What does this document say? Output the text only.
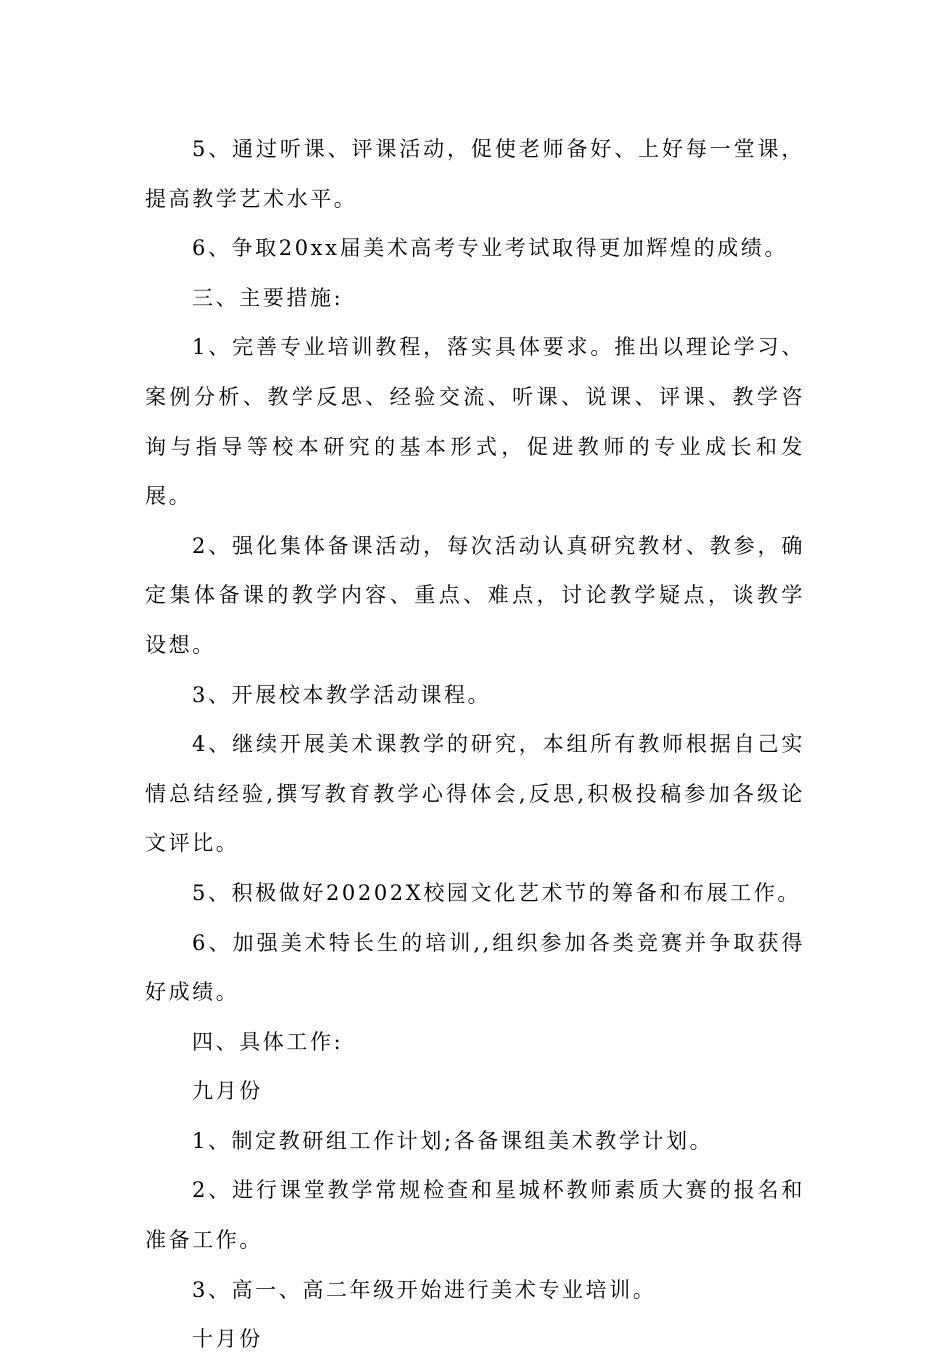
5、通过听课、评课活动，促使老师备好、上好每一堂课，提高教学艺术水平。

6、争取20xx届美术高考专业考试取得更加辉煌的成绩。

三、主要措施:

1、完善专业培训教程，落实具体要求。推出以理论学习、案例分析、教学反思、经验交流、听课、说课、评课、教学咨询与指导等校本研究的基本形式，促进教师的专业成长和发展。

2、强化集体备课活动，每次活动认真研究教材、教参，确定集体备课的教学内容、重点、难点，讨论教学疑点，谈教学设想。

3、开展校本教学活动课程。

4、继续开展美术课教学的研究，本组所有教师根据自己实情总结经验,撰写教育教学心得体会,反思,积极投稿参加各级论文评比。

5、积极做好20202X校园文化艺术节的筹备和布展工作。

6、加强美术特长生的培训,,组织参加各类竞赛并争取获得好成绩。

四、具体工作:

九月份

1、制定教研组工作计划;各备课组美术教学计划。

2、进行课堂教学常规检查和星城杯教师素质大赛的报名和准备工作。

3、高一、高二年级开始进行美术专业培训。

十月份
